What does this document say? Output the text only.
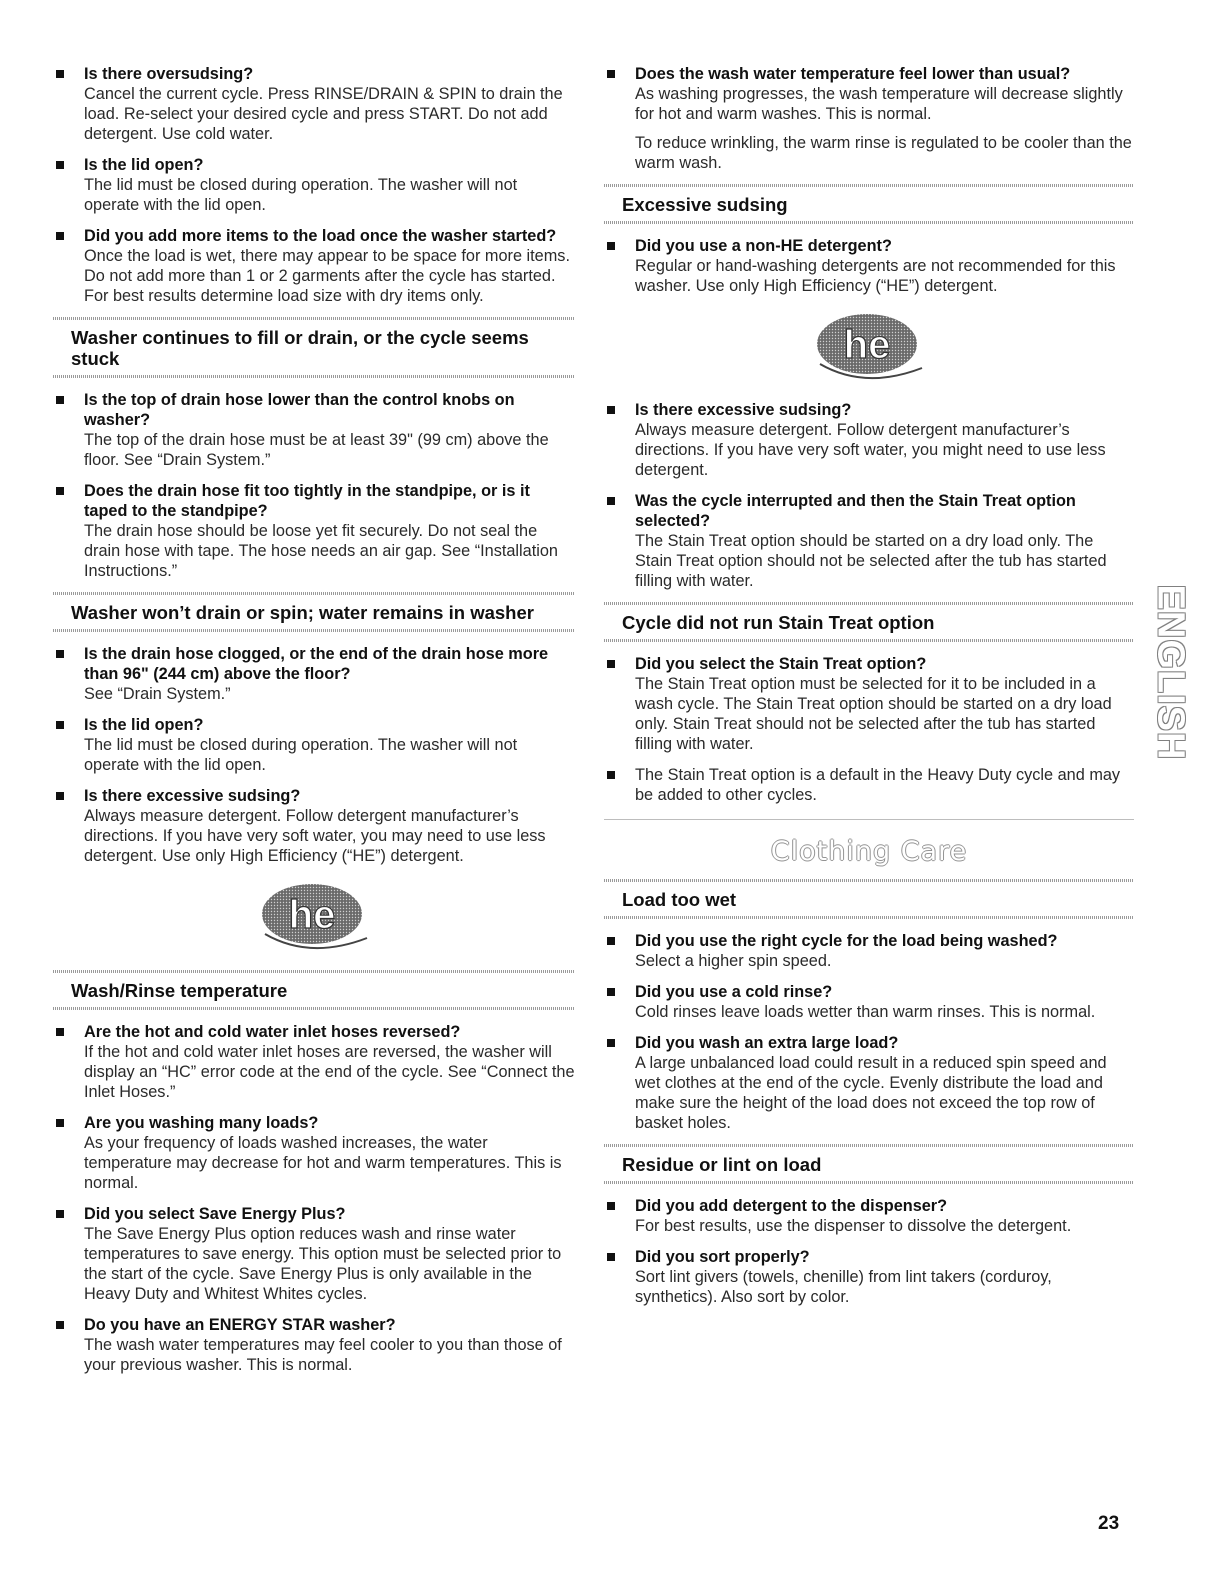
Is there oversudsing?
Cancel the current cycle. Press RINSE/DRAIN & SPIN to drain the load. Re-select your desired cycle and press START. Do not add detergent. Use cold water.
Is the lid open?
The lid must be closed during operation. The washer will not operate with the lid open.
Did you add more items to the load once the washer started?
Once the load is wet, there may appear to be space for more items. Do not add more than 1 or 2 garments after the cycle has started. For best results determine load size with dry items only.
Washer continues to fill or drain, or the cycle seems stuck
Is the top of drain hose lower than the control knobs on washer?
The top of the drain hose must be at least 39" (99 cm) above the floor. See “Drain System.”
Does the drain hose fit too tightly in the standpipe, or is it taped to the standpipe?
The drain hose should be loose yet fit securely. Do not seal the drain hose with tape. The hose needs an air gap. See “Installation Instructions.”
Washer won’t drain or spin; water remains in washer
Is the drain hose clogged, or the end of the drain hose more than 96" (244 cm) above the floor?
See “Drain System.”
Is the lid open?
The lid must be closed during operation. The washer will not operate with the lid open.
Is there excessive sudsing?
Always measure detergent. Follow detergent manufacturer’s directions. If you have very soft water, you may need to use less detergent. Use only High Efficiency (“HE”) detergent.
he
Wash/Rinse temperature
Are the hot and cold water inlet hoses reversed?
If the hot and cold water inlet hoses are reversed, the washer will display an “HC” error code at the end of the cycle. See “Connect the Inlet Hoses.”
Are you washing many loads?
As your frequency of loads washed increases, the water temperature may decrease for hot and warm temperatures. This is normal.
Did you select Save Energy Plus?
The Save Energy Plus option reduces wash and rinse water temperatures to save energy. This option must be selected prior to the start of the cycle. Save Energy Plus is only available in the Heavy Duty and Whitest Whites cycles.
Do you have an ENERGY STAR washer?
The wash water temperatures may feel cooler to you than those of your previous washer. This is normal.
Does the wash water temperature feel lower than usual?
As washing progresses, the wash temperature will decrease slightly for hot and warm washes. This is normal.
To reduce wrinkling, the warm rinse is regulated to be cooler than the warm wash.
Excessive sudsing
Did you use a non-HE detergent?
Regular or hand-washing detergents are not recommended for this washer. Use only High Efficiency (“HE”) detergent.
he
Is there excessive sudsing?
Always measure detergent. Follow detergent manufacturer’s directions. If you have very soft water, you might need to use less detergent.
Was the cycle interrupted and then the Stain Treat option selected?
The Stain Treat option should be started on a dry load only. The Stain Treat option should not be selected after the tub has started filling with water.
Cycle did not run Stain Treat option
Did you select the Stain Treat option?
The Stain Treat option must be selected for it to be included in a wash cycle. The Stain Treat option should be started on a dry load only. Stain Treat should not be selected after the tub has started filling with water.
The Stain Treat option is a default in the Heavy Duty cycle and may be added to other cycles.
Clothing Care
Load too wet
Did you use the right cycle for the load being washed?
Select a higher spin speed.
Did you use a cold rinse?
Cold rinses leave loads wetter than warm rinses. This is normal.
Did you wash an extra large load?
A large unbalanced load could result in a reduced spin speed and wet clothes at the end of the cycle. Evenly distribute the load and make sure the height of the load does not exceed the top row of basket holes.
Residue or lint on load
Did you add detergent to the dispenser?
For best results, use the dispenser to dissolve the detergent.
Did you sort properly?
Sort lint givers (towels, chenille) from lint takers (corduroy, synthetics). Also sort by color.
ENGLISH
23
